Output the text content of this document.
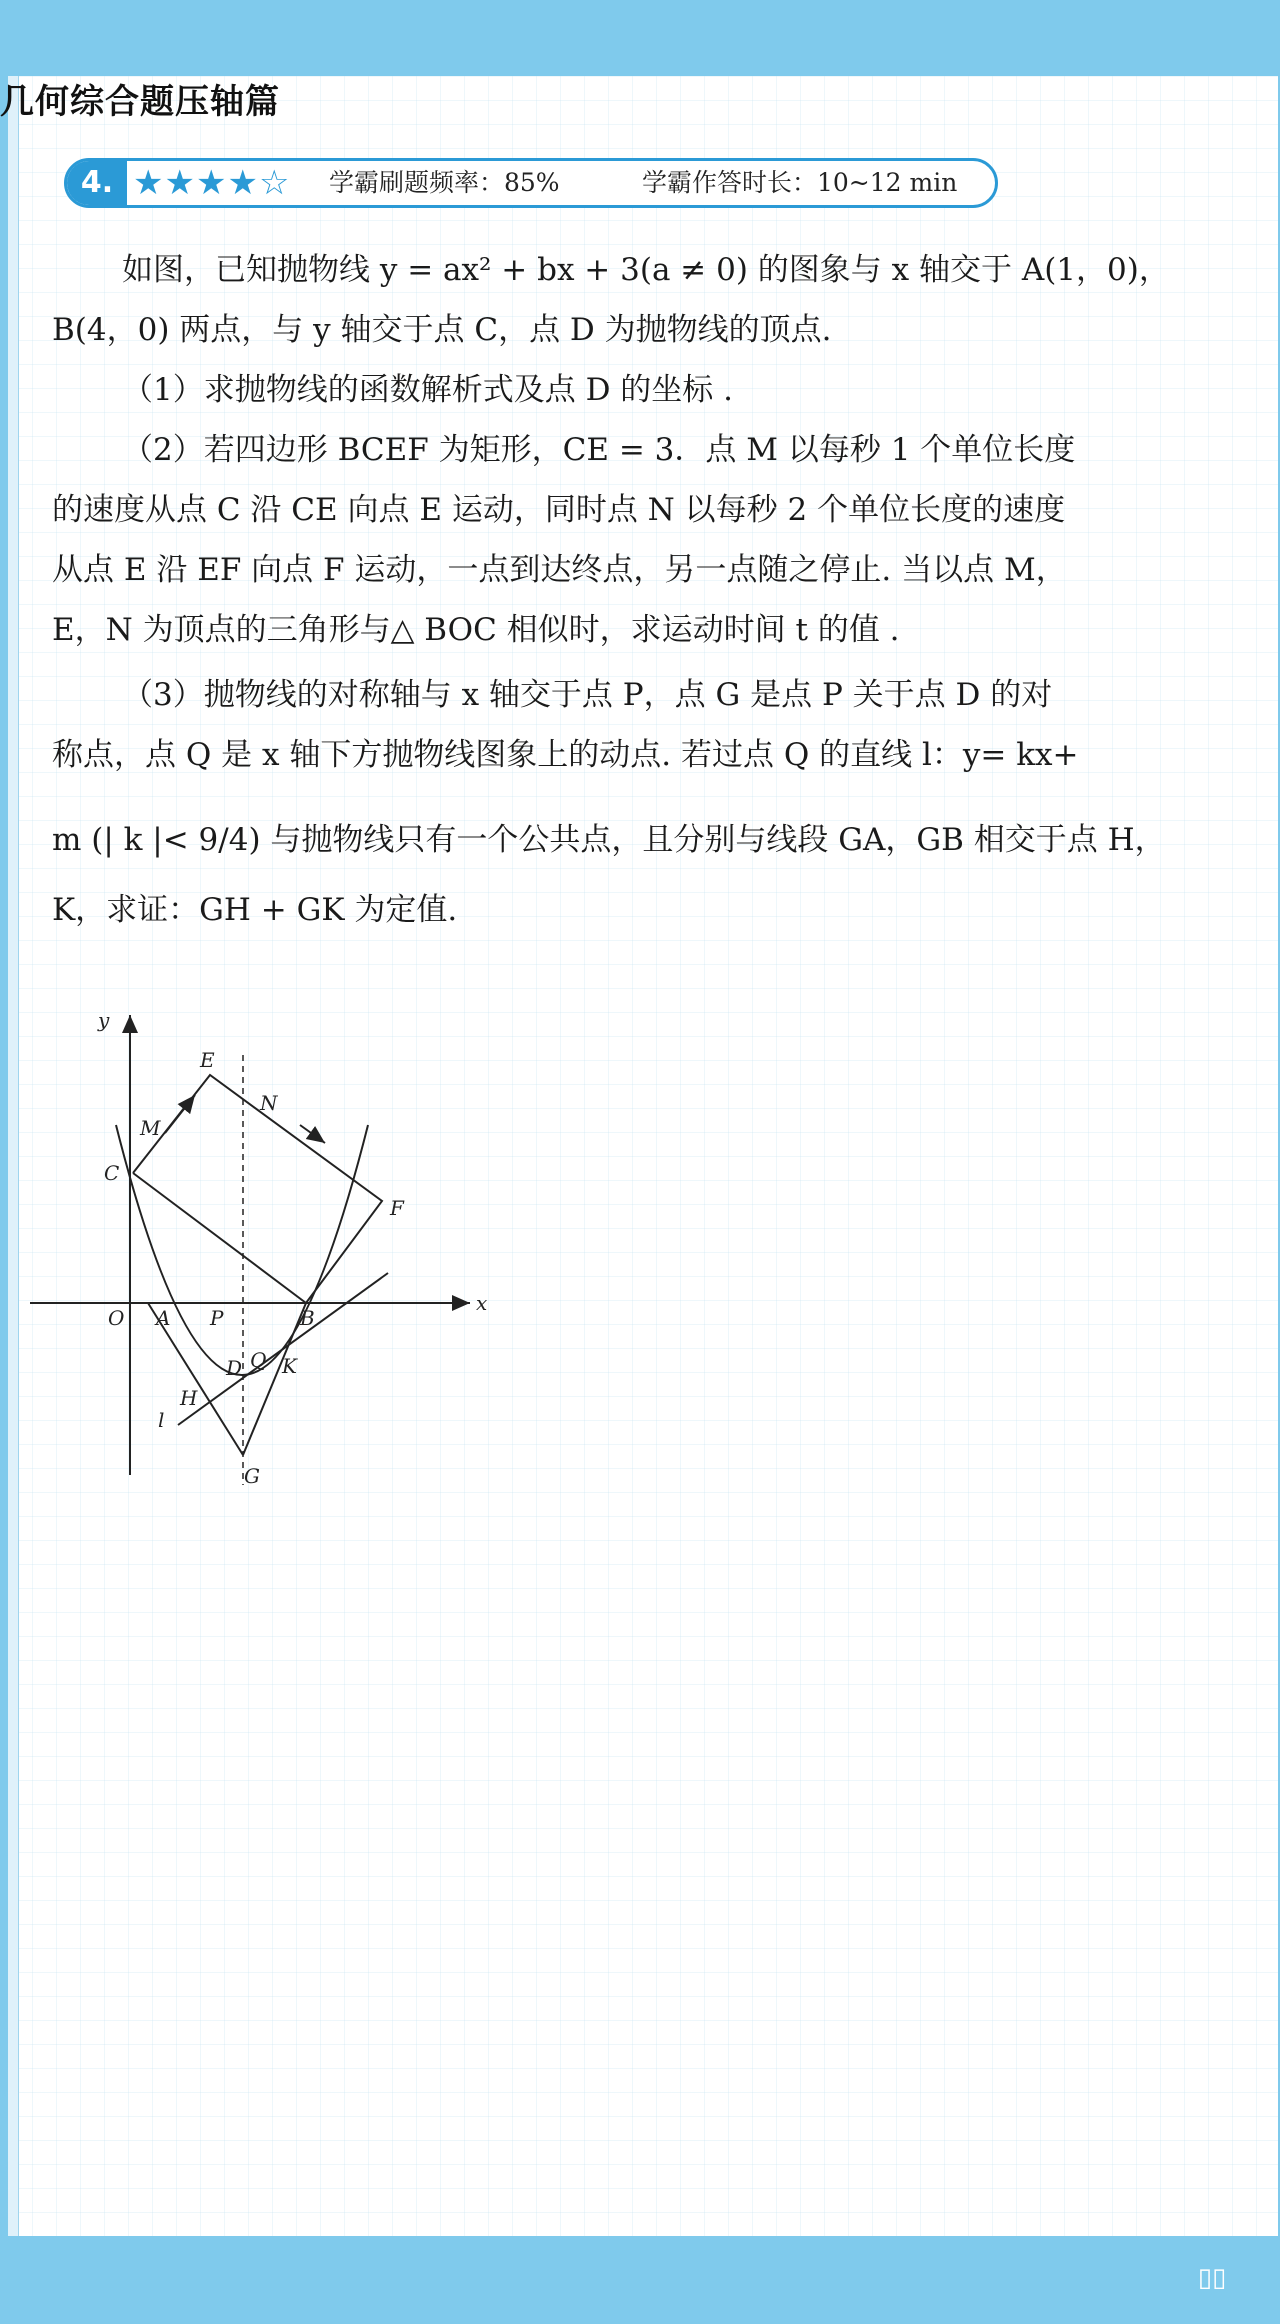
几何综合题压轴篇
4. ★★★★☆ 学霸刷题频率：85%	学霸作答时长：10~12 min
如图，已知抛物线 y = ax² + bx + 3(a ≠ 0) 的图象与 x 轴交于 A(1，0)，
B(4，0) 两点，与 y 轴交于点 C，点 D 为抛物线的顶点.
（1）求抛物线的函数解析式及点 D 的坐标 .
（2）若四边形 BCEF 为矩形，CE = 3．点 M 以每秒 1 个单位长度
的速度从点 C 沿 CE 向点 E 运动，同时点 N 以每秒 2 个单位长度的速度
从点 E 沿 EF 向点 F 运动，一点到达终点，另一点随之停止. 当以点 M，
E，N 为顶点的三角形与△ BOC 相似时，求运动时间 t 的值 .
（3）抛物线的对称轴与 x 轴交于点 P，点 G 是点 P 关于点 D 的对
称点，点 Q 是 x 轴下方抛物线图象上的动点. 若过点 Q 的直线 l：y= kx+
m (| k |< 9/4) 与抛物线只有一个公共点，且分别与线段 GA，GB 相交于点 H，
K，求证：GH + GK 为定值.
y
x
O A P	B
C
E
F
M
N
D Q K
H
l
G
▯▯
